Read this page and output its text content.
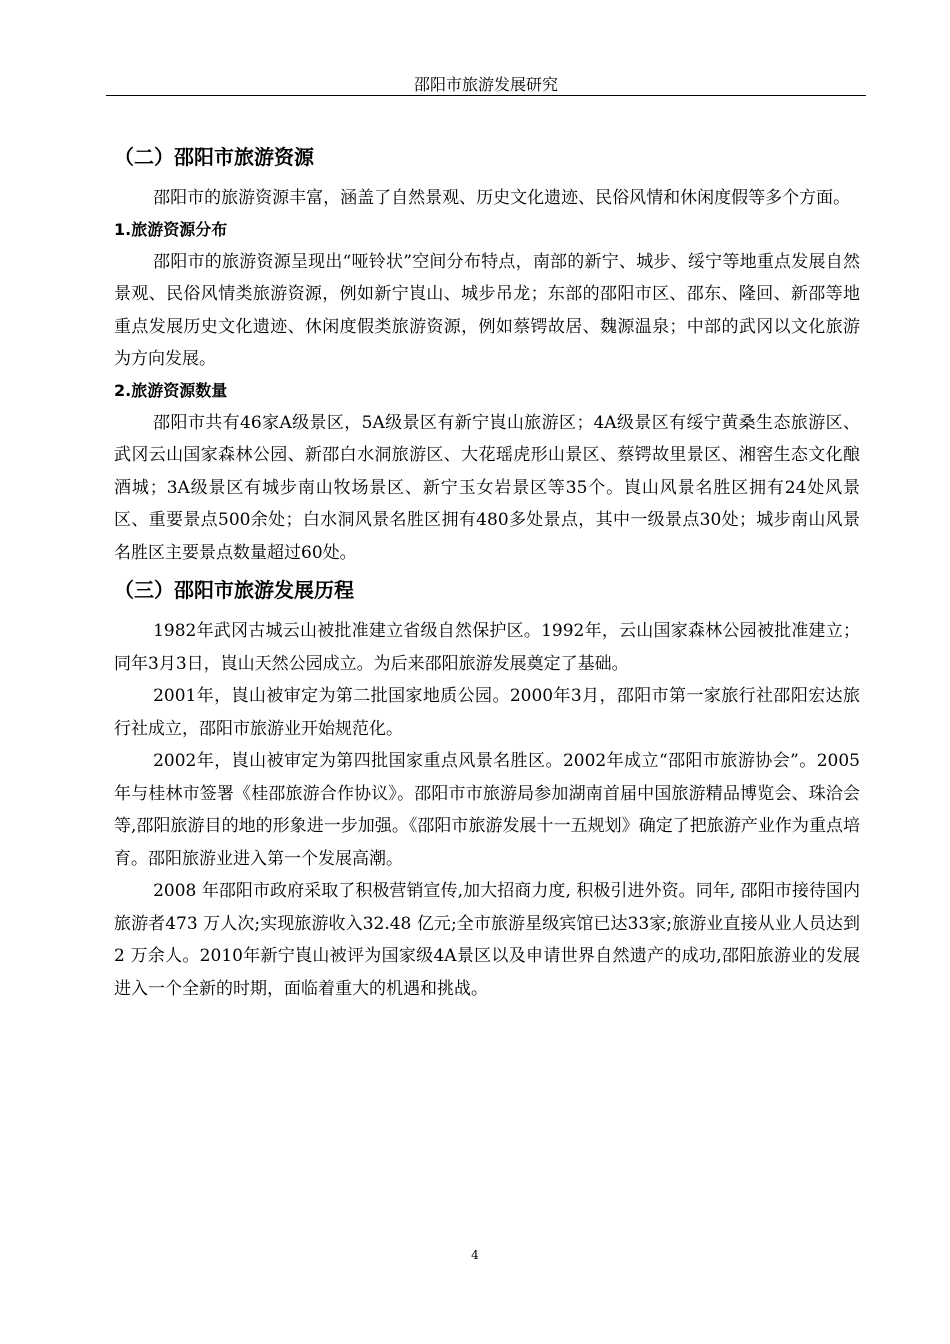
邵阳市旅游发展研究
（二）邵阳市旅游资源

邵阳市的旅游资源丰富，涵盖了自然景观、历史文化遗迹、民俗风情和休闲度假等多个方面。

1.旅游资源分布

邵阳市的旅游资源呈现出“哑铃状”空间分布特点，南部的新宁、城步、绥宁等地重点发展自然景观、民俗风情类旅游资源，例如新宁崀山、城步吊龙；东部的邵阳市区、邵东、隆回、新邵等地重点发展历史文化遗迹、休闲度假类旅游资源，例如蔡锷故居、魏源温泉；中部的武冈以文化旅游为方向发展。

2.旅游资源数量

邵阳市共有46家A级景区，5A级景区有新宁崀山旅游区；4A级景区有绥宁黄桑生态旅游区、武冈云山国家森林公园、新邵白水洞旅游区、大花瑶虎形山景区、蔡锷故里景区、湘窖生态文化酿酒城；3A级景区有城步南山牧场景区、新宁玉女岩景区等35个。崀山风景名胜区拥有24处风景区、重要景点500余处；白水洞风景名胜区拥有480多处景点，其中一级景点30处；城步南山风景名胜区主要景点数量超过60处。

（三）邵阳市旅游发展历程

1982年武冈古城云山被批准建立省级自然保护区。1992年，云山国家森林公园被批准建立；同年3月3日，崀山天然公园成立。为后来邵阳旅游发展奠定了基础。

2001年，崀山被审定为第二批国家地质公园。2000年3月，邵阳市第一家旅行社邵阳宏达旅行社成立，邵阳市旅游业开始规范化。

2002年，崀山被审定为第四批国家重点风景名胜区。2002年成立“邵阳市旅游协会”。2005年与桂林市签署《桂邵旅游合作协议》。邵阳市市旅游局参加湖南首届中国旅游精品博览会、珠洽会等,邵阳旅游目的地的形象进一步加强。《邵阳市旅游发展十一五规划》确定了把旅游产业作为重点培育。邵阳旅游业进入第一个发展高潮。

2008 年邵阳市政府采取了积极营销宣传,加大招商力度, 积极引进外资。同年, 邵阳市接待国内旅游者473 万人次;实现旅游收入32.48 亿元;全市旅游星级宾馆已达33家;旅游业直接从业人员达到2 万余人。2010年新宁崀山被评为国家级4A景区以及申请世界自然遗产的成功,邵阳旅游业的发展进入一个全新的时期，面临着重大的机遇和挑战。

4
